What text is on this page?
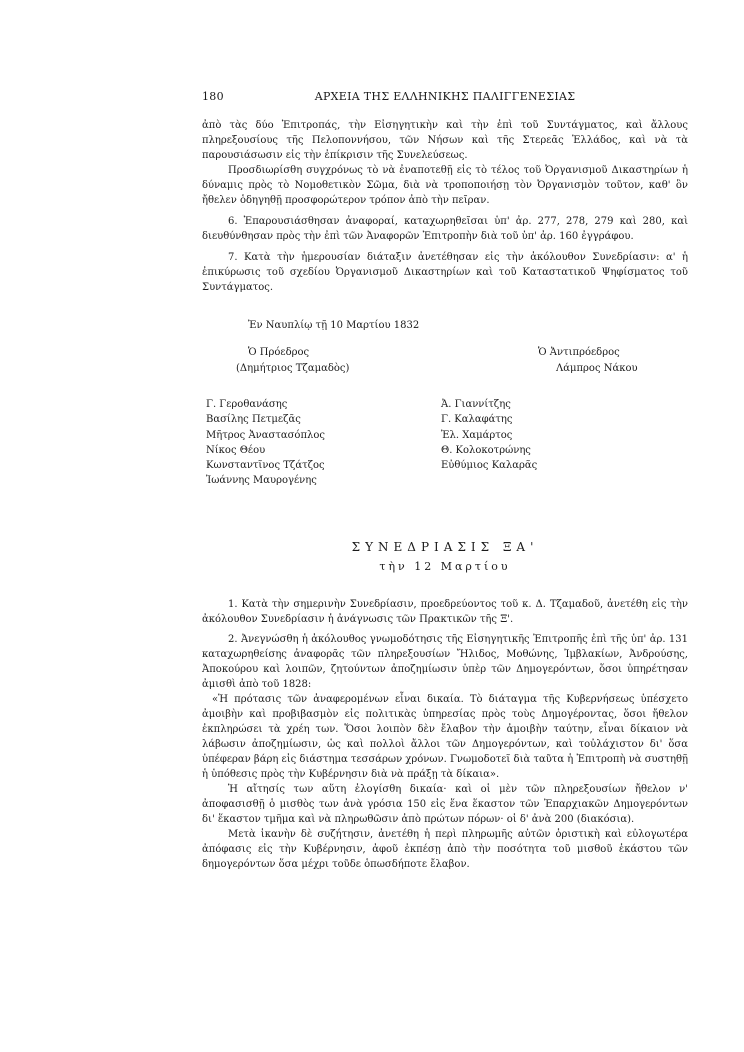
180	ΑΡΧΕΙΑ ΤΗΣ ΕΛΛΗΝΙΚΗΣ ΠΑΛΙΓΓΕΝΕΣΙΑΣ

ἀπὸ τὰς δύο Ἐπιτροπάς, τὴν Εἰσηγητικὴν καὶ τὴν ἐπὶ τοῦ Συντάγματος, καὶ ἄλλους πληρεξουσίους τῆς Πελοποννήσου, τῶν Νήσων καὶ τῆς Στερεᾶς Ἑλλάδος, καὶ νὰ τὰ παρουσιάσωσιν εἰς τὴν ἐπίκρισιν τῆς Συνελεύσεως.

Προσδιωρίσθη συγχρόνως τὸ νὰ ἐναποτεθῇ εἰς τὸ τέλος τοῦ Ὀργανισμοῦ Δικαστηρίων ἡ δύναμις πρὸς τὸ Νομοθετικὸν Σῶμα, διὰ νὰ τροποποιήσῃ τὸν Ὀργανισμὸν τοῦτον, καθ' ὃν ἤθελεν ὁδηγηθῇ προσφορώτερον τρόπον ἀπὸ τὴν πεῖραν.

6. Ἐπαρουσιάσθησαν ἀναφοραί, καταχωρηθεῖσαι ὑπ' ἀρ. 277, 278, 279 καὶ 280, καὶ διευθύνθησαν πρὸς τὴν ἐπὶ τῶν Ἀναφορῶν Ἐπιτροπὴν διὰ τοῦ ὑπ' ἀρ. 160 ἐγγράφου.

7. Κατὰ τὴν ἡμερουσίαν διάταξιν ἀνετέθησαν εἰς τὴν ἀκόλουθον Συνεδρίασιν: α' ἡ ἐπικύρωσις τοῦ σχεδίου Ὀργανισμοῦ Δικαστηρίων καὶ τοῦ Καταστατικοῦ Ψηφίσματος τοῦ Συντάγματος.

Ἐν Ναυπλίῳ τῇ 10 Μαρτίου 1832
Ὁ Πρόεδρος
(Δημήτριος Τζαμαδὸς)
Ὁ Ἀντιπρόεδρος
Λάμπρος Νάκου
Γ. Γεροθανάσης
Βασίλης Πετμεζᾶς
Μῆτρος Ἀναστασόπλος
Νίκος Θέου
Κωνσταντῖνος Τζάτζος
Ἰωάννης Μαυρογένης
Ἀ. Γιαννίτζης
Γ. Καλαφάτης
Ἐλ. Χαμάρτος
Θ. Κολοκοτρώνης
Εὐθύμιος Καλαρᾶς
ΣΥΝΕΔΡΙΑΣΙΣ ΞΑ'
τὴν 12 Μαρτίου

1. Κατὰ τὴν σημερινὴν Συνεδρίασιν, προεδρεύοντος τοῦ κ. Δ. Τζαμαδοῦ, ἀνετέθη εἰς τὴν ἀκόλουθον Συνεδρίασιν ἡ ἀνάγνωσις τῶν Πρακτικῶν τῆς Ξ'.

2. Ἀνεγνώσθη ἡ ἀκόλουθος γνωμοδότησις τῆς Εἰσηγητικῆς Ἐπιτροπῆς ἐπὶ τῆς ὑπ' ἀρ. 131 καταχωρηθείσης ἀναφορᾶς τῶν πληρεξουσίων Ἤλιδος, Μοθώνης, Ἰμβλακίων, Ἀνδρούσης, Ἀποκούρου καὶ λοιπῶν, ζητούντων ἀποζημίωσιν ὑπὲρ τῶν Δημογερόντων, ὅσοι ὑπηρέτησαν ἀμισθὶ ἀπὸ τοῦ 1828:

«Ἡ πρότασις τῶν ἀναφερομένων εἶναι δικαία. Τὸ διάταγμα τῆς Κυβερνήσεως ὑπέσχετο ἀμοιβὴν καὶ προβιβασμὸν εἰς πολιτικὰς ὑπηρεσίας πρὸς τοὺς Δημογέροντας, ὅσοι ἤθελον ἐκπληρώσει τὰ χρέη των. Ὅσοι λοιπὸν δὲν ἔλαβον τὴν ἀμοιβὴν ταύτην, εἶναι δίκαιον νὰ λάβωσιν ἀποζημίωσιν, ὡς καὶ πολλοὶ ἄλλοι τῶν Δημογερόντων, καὶ τοὐλάχιστον δι' ὅσα ὑπέφεραν βάρη εἰς διάστημα τεσσάρων χρόνων. Γνωμοδοτεῖ διὰ ταῦτα ἡ Ἐπιτροπὴ νὰ συστηθῇ ἡ ὑπόθεσις πρὸς τὴν Κυβέρνησιν διὰ νὰ πράξῃ τὰ δίκαια».

Ἡ αἴτησίς των αὕτη ἐλογίσθη δικαία· καὶ οἱ μὲν τῶν πληρεξουσίων ἤθελον ν' ἀποφασισθῇ ὁ μισθὸς των ἀνὰ γρόσια 150 εἰς ἕνα ἕκαστον τῶν Ἐπαρχιακῶν Δημογερόντων δι' ἕκαστον τμῆμα καὶ νὰ πληρωθῶσιν ἀπὸ πρώτων πόρων· οἱ δ' ἀνὰ 200 (διακόσια).

Μετὰ ἱκανὴν δὲ συζήτησιν, ἀνετέθη ἡ περὶ πληρωμῆς αὐτῶν ὁριστικὴ καὶ εὐλογωτέρα ἀπόφασις εἰς τὴν Κυβέρνησιν, ἀφοῦ ἐκπέσῃ ἀπὸ τὴν ποσότητα τοῦ μισθοῦ ἑκάστου τῶν δημογερόντων ὅσα μέχρι τοῦδε ὁπωσδήποτε ἔλαβον.
